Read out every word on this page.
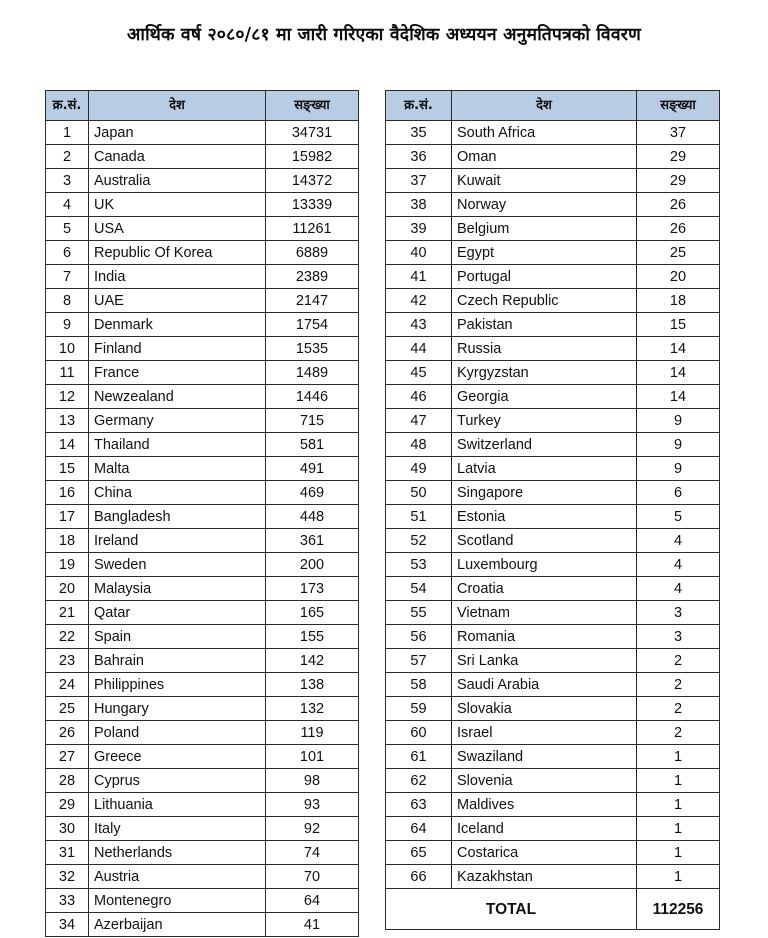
आर्थिक वर्ष २०८०/८१ मा जारी गरिएका वैदेशिक अध्ययन अनुमतिपत्रको विवरण
क्र.सं.	देश	सङ्ख्या
1	Japan	34731
2	Canada	15982
3	Australia	14372
4	UK	13339
5	USA	11261
6	Republic Of Korea	6889
7	India	2389
8	UAE	2147
9	Denmark	1754
10	Finland	1535
11	France	1489
12	Newzealand	1446
13	Germany	715
14	Thailand	581
15	Malta	491
16	China	469
17	Bangladesh	448
18	Ireland	361
19	Sweden	200
20	Malaysia	173
21	Qatar	165
22	Spain	155
23	Bahrain	142
24	Philippines	138
25	Hungary	132
26	Poland	119
27	Greece	101
28	Cyprus	98
29	Lithuania	93
30	Italy	92
31	Netherlands	74
32	Austria	70
33	Montenegro	64
34	Azerbaijan	41
क्र.सं.	देश	सङ्ख्या
35	South Africa	37
36	Oman	29
37	Kuwait	29
38	Norway	26
39	Belgium	26
40	Egypt	25
41	Portugal	20
42	Czech Republic	18
43	Pakistan	15
44	Russia	14
45	Kyrgyzstan	14
46	Georgia	14
47	Turkey	9
48	Switzerland	9
49	Latvia	9
50	Singapore	6
51	Estonia	5
52	Scotland	4
53	Luxembourg	4
54	Croatia	4
55	Vietnam	3
56	Romania	3
57	Sri Lanka	2
58	Saudi Arabia	2
59	Slovakia	2
60	Israel	2
61	Swaziland	1
62	Slovenia	1
63	Maldives	1
64	Iceland	1
65	Costarica	1
66	Kazakhstan	1
TOTAL		112256
